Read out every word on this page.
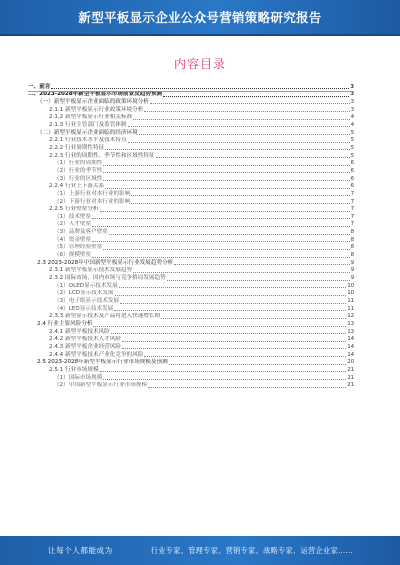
新型平板显示企业公众号营销策略研究报告
内容目录
一、前言	3
二、2023-2028年新型平板显示市场前景及趋势预测	3
（一）新型平板显示企业面临的政策环境分析	3
2.1.1 新型平板显示行业政策环境分析	3
2.1.2 新型平板显示行业相关标准	4
2.1.3 行业主管部门及监管体制	4
（二）新型平板显示企业面临的经济环境	5
2.2.1 行业技术水平及技术特点	5
2.2.2 行业周期性特征	5
2.2.3 行业的周期性、季节性和区域性特征	5
（1）行业的周期性	6
（2）行业的季节性	6
（3）行业的区域性	6
2.2.4 行业上下游关系	6
（1）上游行业对本行业的影响	7
（2）下游行业对本行业的影响	7
2.2.5 行业壁垒分析	7
（1）技术壁垒	7
（2）人才壁垒	7
（3）品牌及客户壁垒	8
（4）资金壁垒	8
（5）管理经验壁垒	8
（6）规模壁垒	8
2.3 2023-2028年中国新型平板显示行业发展趋势分析	9
2.3.1 新型平板显示技术发展趋势	9
2.3.2 国际市场、国内市场与竞争格局发展趋势	9
（1）OLED显示技术发展	10
（2）LCD显示技术发展	10
（3）电子纸显示技术发展	11
（4）LED显示技术发展	11
2.3.3 新型显示技术及产品将进入快速增长期	12
2.4 行业主要风险分析	13
2.4.1 新型平板技术风险	13
2.4.2 新型平板技术人才风险	14
2.4.3 新型平板企业经营风险	14
2.4.4 新型平板技术产业化竞争的风险	14
2.5 2023-2028年新型平板显示行业市场规模及预测	20
2.5.1 行业市场规模	21
（1）国际市场规模	21
（2）中国新型平板显示行业市场规模	21
让每个人都能成为	行业专家、管理专家、营销专家、战略专家、运营企业家……
